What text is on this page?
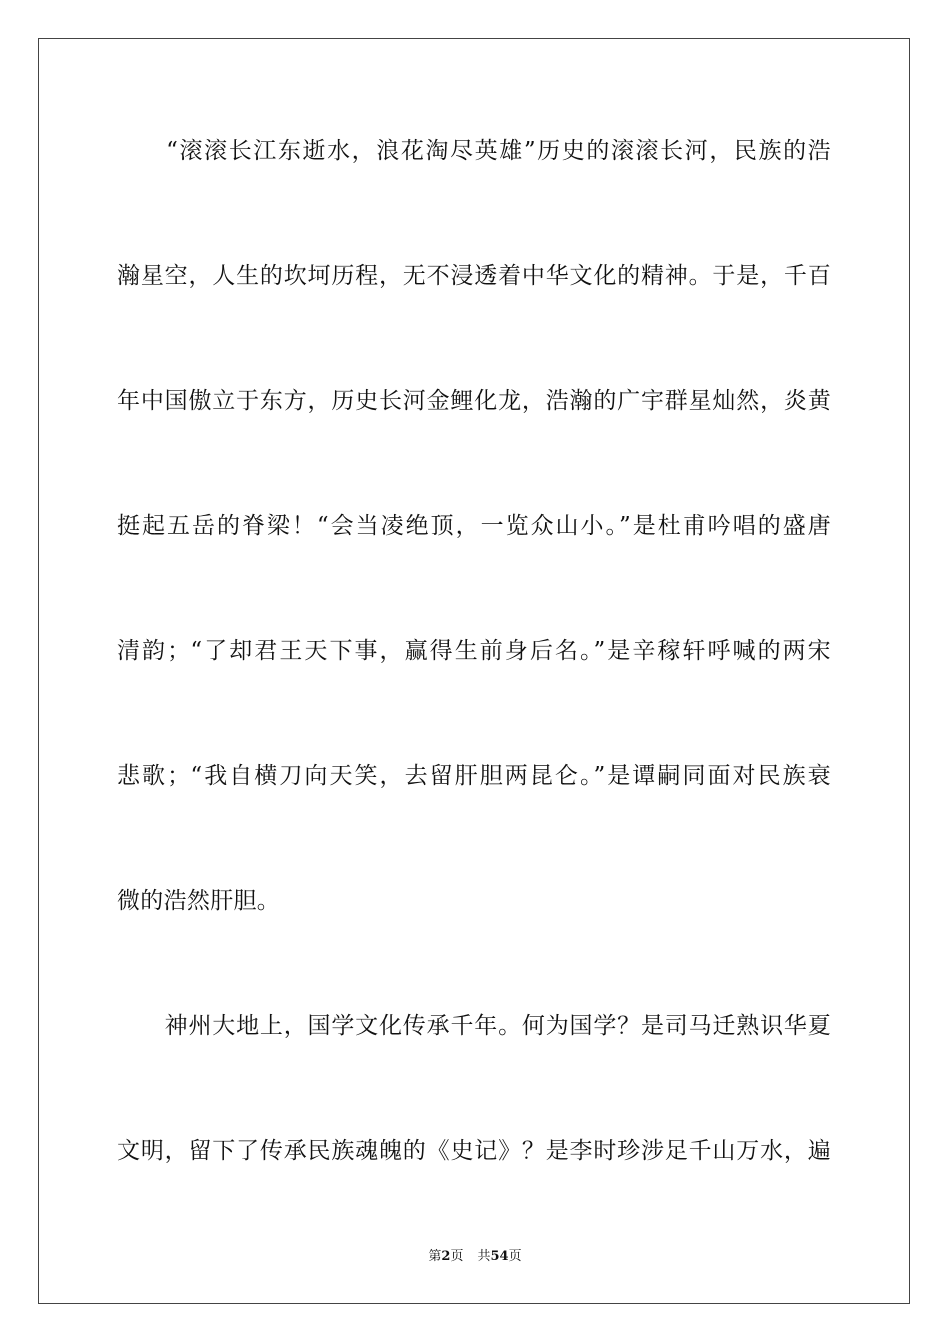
　　“滚滚长江东逝水，浪花淘尽英雄”历史的滚滚长河，民族的浩
瀚星空，人生的坎坷历程，无不浸透着中华文化的精神。于是，千百
年中国傲立于东方，历史长河金鲤化龙，浩瀚的广宇群星灿然，炎黄
挺起五岳的脊梁！“会当凌绝顶，一览众山小。”是杜甫吟唱的盛唐
清韵；“了却君王天下事，赢得生前身后名。”是辛稼轩呼喊的两宋
悲歌；“我自横刀向天笑，去留肝胆两昆仑。”是谭嗣同面对民族衰
微的浩然肝胆。
　　神州大地上，国学文化传承千年。何为国学？是司马迁熟识华夏
文明，留下了传承民族魂魄的《史记》？是李时珍涉足千山万水，遍
第2页 共54页
